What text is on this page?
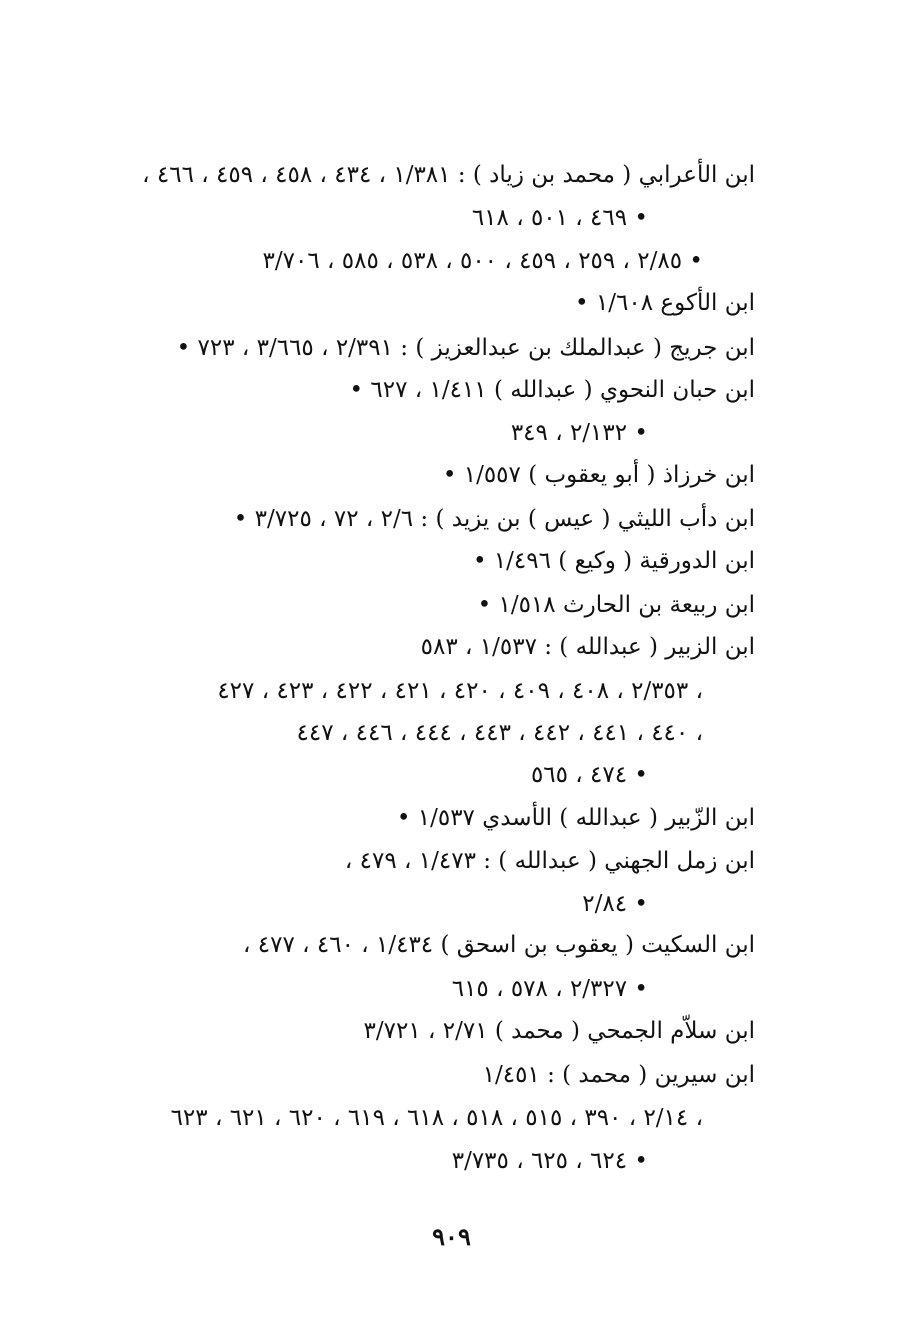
ابن الأعرابي ( محمد بن زياد ) : ١/٣٨١ ، ٤٣٤ ، ٤٥٨ ، ٤٥٩ ، ٤٦٦ ،
٤٦٩ ، ٥٠١ ، ٦١٨ •
٢/٨٥ ، ٢٥٩ ، ٤٥٩ ، ٥٠٠ ، ٥٣٨ ، ٥٨٥ ، ٣/٧٠٦ •
ابن الأكوع ١/٦٠٨ •
ابن جريج ( عبدالملك بن عبدالعزيز ) : ٢/٣٩١ ، ٣/٦٦٥ ، ٧٢٣ •
ابن حبان النحوي ( عبدالله ) ١/٤١١ ، ٦٢٧ •
٢/١٣٢ ، ٣٤٩ •
ابن خرزاذ ( أبو يعقوب ) ١/٥٥٧ •
ابن دأب الليثي ( عيس ) بن يزيد ) : ٢/٦ ، ٧٢ ، ٣/٧٢٥ •
ابن الدورقية ( وكيع ) ١/٤٩٦ •
ابن ربيعة بن الحارث ١/٥١٨ •
ابن الزبير ( عبدالله ) : ١/٥٣٧ ، ٥٨٣
٢/٣٥٣ ، ٤٠٨ ، ٤٠٩ ، ٤٢٠ ، ٤٢١ ، ٤٢٢ ، ٤٢٣ ، ٤٢٧ ،
٤٤٠ ، ٤٤١ ، ٤٤٢ ، ٤٤٣ ، ٤٤٤ ، ٤٤٦ ، ٤٤٧ ،
٤٧٤ ، ٥٦٥ •
ابن الزّبير ( عبدالله ) الأسدي ١/٥٣٧ •
ابن زمل الجهني ( عبدالله ) : ١/٤٧٣ ، ٤٧٩ ،
٢/٨٤ •
ابن السكيت ( يعقوب بن اسحق ) ١/٤٣٤ ، ٤٦٠ ، ٤٧٧ ،
٢/٣٢٧ ، ٥٧٨ ، ٦١٥ •
ابن سلاّم الجمحي ( محمد ) ٢/٧١ ، ٣/٧٢١
ابن سيرين ( محمد ) : ١/٤٥١
٢/١٤ ، ٣٩٠ ، ٥١٥ ، ٥١٨ ، ٦١٨ ، ٦١٩ ، ٦٢٠ ، ٦٢١ ، ٦٢٣ ،
٦٢٤ ، ٦٢٥ ، ٣/٧٣٥ •
٩٠٩
